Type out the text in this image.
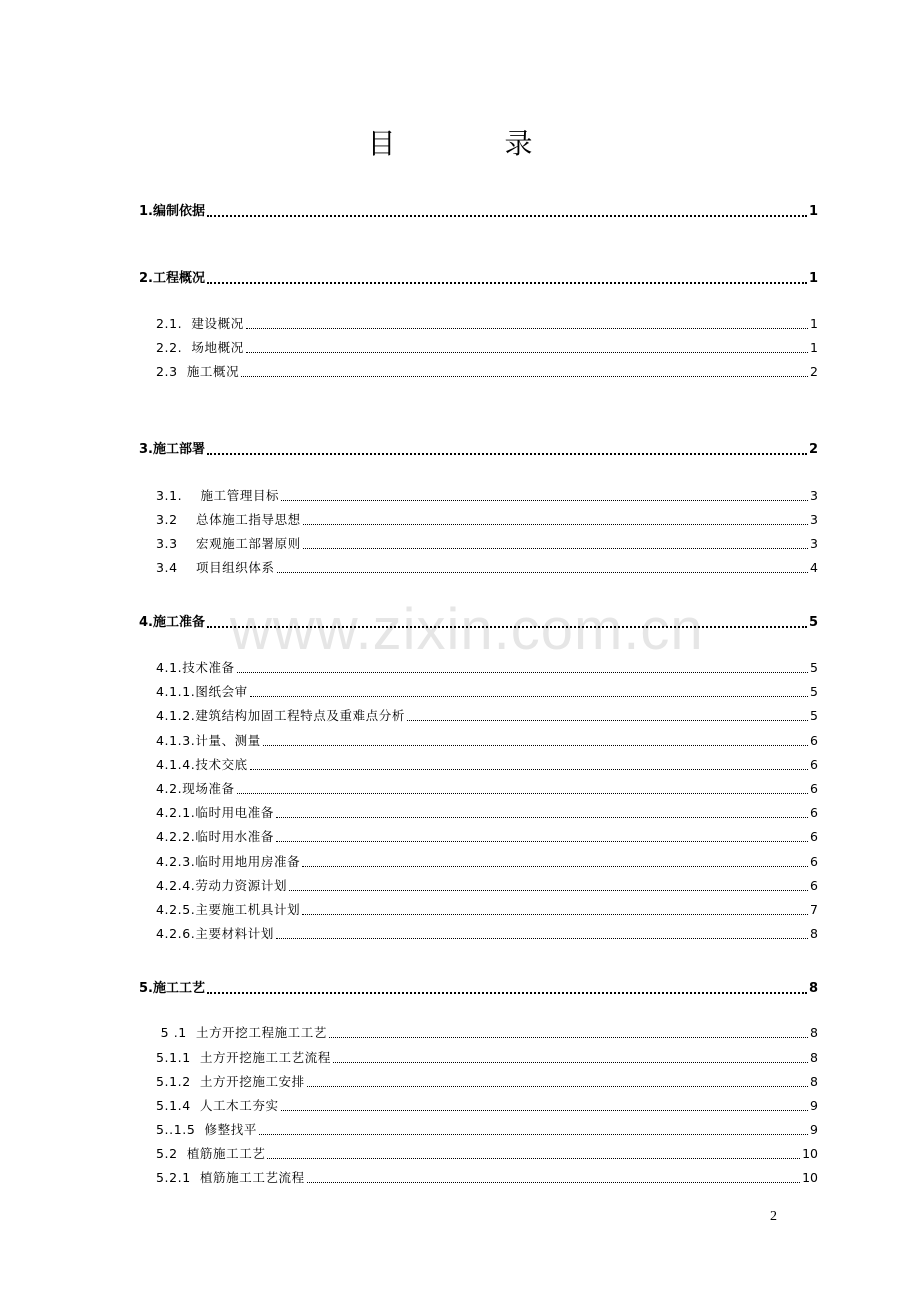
www.zixin.com.cn
目 录
1.编制依据	1
2.工程概况	1
2.1.  建设概况	1
2.2.  场地概况	1
2.3  施工概况	2
3.施工部署	2
3.1.    施工管理目标	3
3.2    总体施工指导思想	3
3.3    宏观施工部署原则	3
3.4    项目组织体系	4
4.施工准备	5
4.1.技术准备	5
4.1.1.图纸会审	5
4.1.2.建筑结构加固工程特点及重难点分析	5
4.1.3.计量、测量	6
4.1.4.技术交底	6
4.2.现场准备	6
4.2.1.临时用电准备	6
4.2.2.临时用水准备	6
4.2.3.临时用地用房准备	6
4.2.4.劳动力资源计划	6
4.2.5.主要施工机具计划	7
4.2.6.主要材料计划	8
5.施工工艺	8
5 .1  土方开挖工程施工工艺	8
5.1.1  土方开挖施工工艺流程	8
5.1.2  土方开挖施工安排	8
5.1.4  人工木工夯实	9
5..1.5  修整找平	9
5.2  植筋施工工艺	10
5.2.1  植筋施工工艺流程	10
2
